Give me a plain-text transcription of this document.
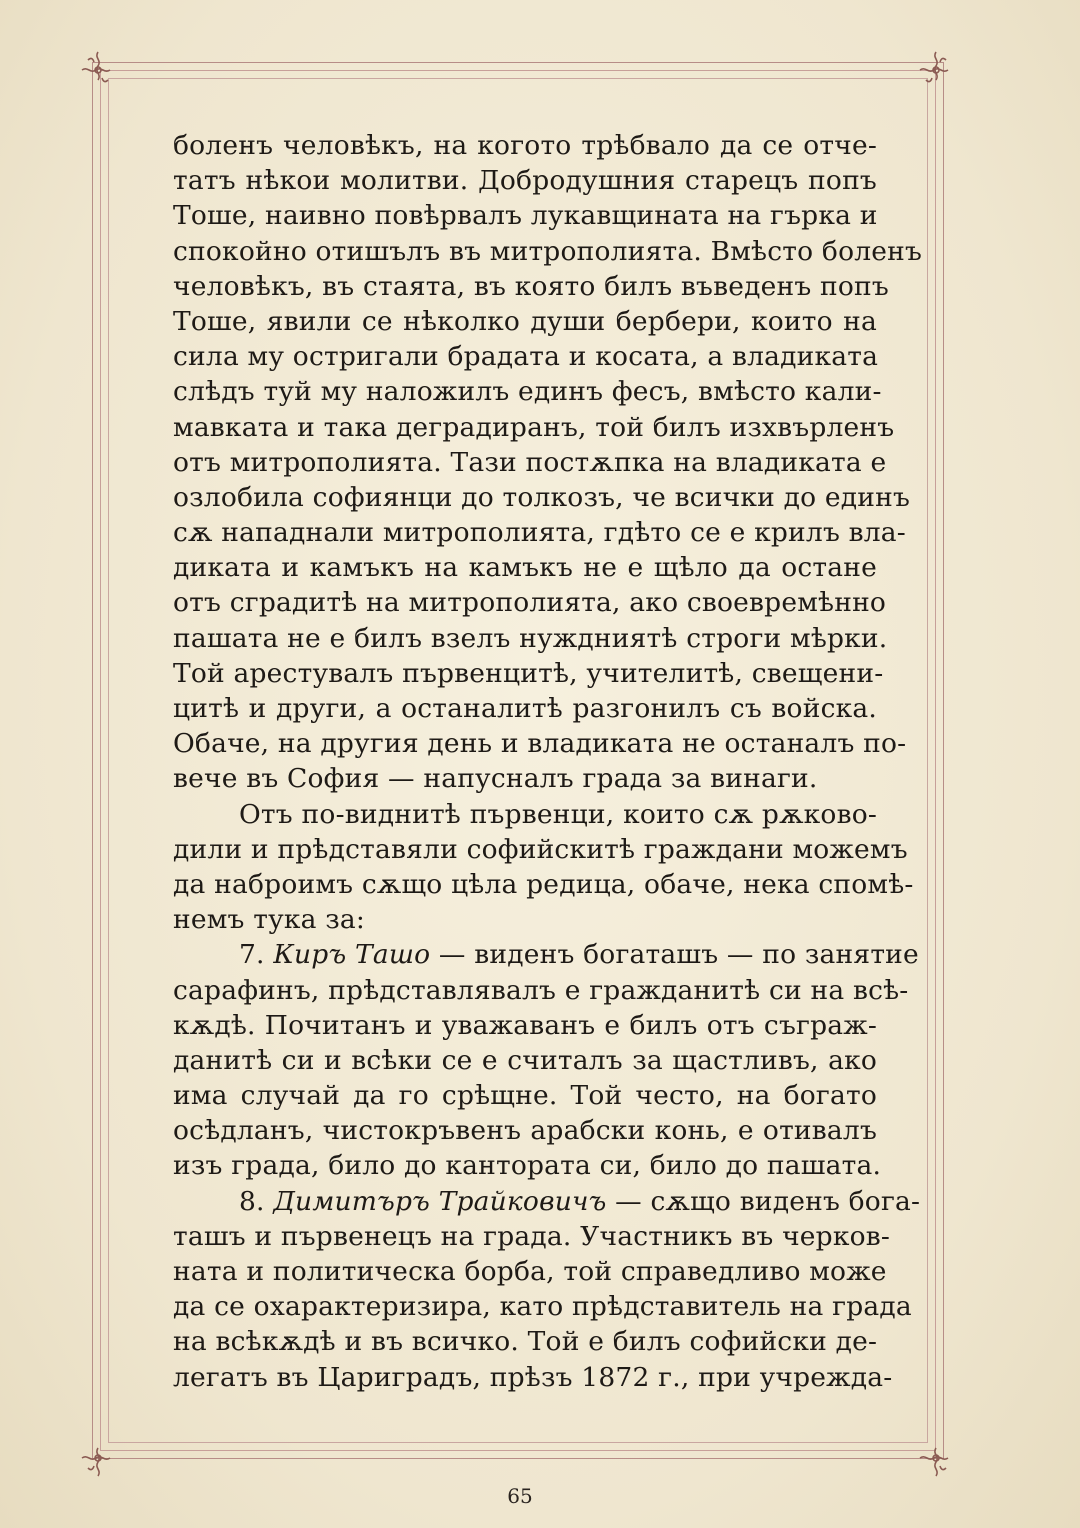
боленъ человѣкъ, на когото трѣбвало да се отче-
татъ нѣкои молитви. Добродушния старецъ попъ
Тоше, наивно повѣрвалъ лукавщината на гърка и
спокойно отишълъ въ митрополията. Вмѣсто боленъ
человѣкъ, въ стаята, въ която билъ въведенъ попъ
Тоше, явили се нѣколко души бербери, които на
сила му остригали брадата и косата, а владиката
слѣдъ туй му наложилъ единъ фесъ, вмѣсто кали-
мавката и така деградиранъ, той билъ изхвърленъ
отъ митрополията. Тази постѫпка на владиката е
озлобила софиянци до толкозъ, че всички до единъ
сѫ нападнали митрополията, гдѣто се е крилъ вла-
диката и камъкъ на камъкъ не е щѣло да остане
отъ сградитѣ на митрополията, ако своевремѣнно
пашата не е билъ взелъ нуждниятѣ строги мѣрки.
Той арестувалъ първенцитѣ, учителитѣ, свещени-
цитѣ и други, а останалитѣ разгонилъ съ войска.
Обаче, на другия день и владиката не останалъ по-
вече въ София — напусналъ града за винаги.
Отъ по-виднитѣ първенци, които сѫ рѫково-
дили и прѣдставяли софийскитѣ граждани можемъ
да наброимъ сѫщо цѣла редица, обаче, нека спомѣ-
немъ тука за:
7. Киръ Ташо — виденъ богаташъ — по занятие
сарафинъ, прѣдставлявалъ е гражданитѣ си на всѣ-
кѫдѣ. Почитанъ и уважаванъ е билъ отъ съграж-
данитѣ си и всѣки се е считалъ за щастливъ, ако
има случай да го срѣщне. Той често, на богато
осѣдланъ, чистокръвенъ арабски конь, е отивалъ
изъ града, било до кантората си, било до пашата.
8. Димитъръ Трайковичъ — сѫщо виденъ бога-
ташъ и първенецъ на града. Участникъ въ черков-
ната и политическа борба, той справедливо може
да се охарактеризира, като прѣдставитель на града
на всѣкѫдѣ и въ всичко. Той е билъ софийски де-
легатъ въ Цариградъ, прѣзъ 1872 г., при учрежда-
65
